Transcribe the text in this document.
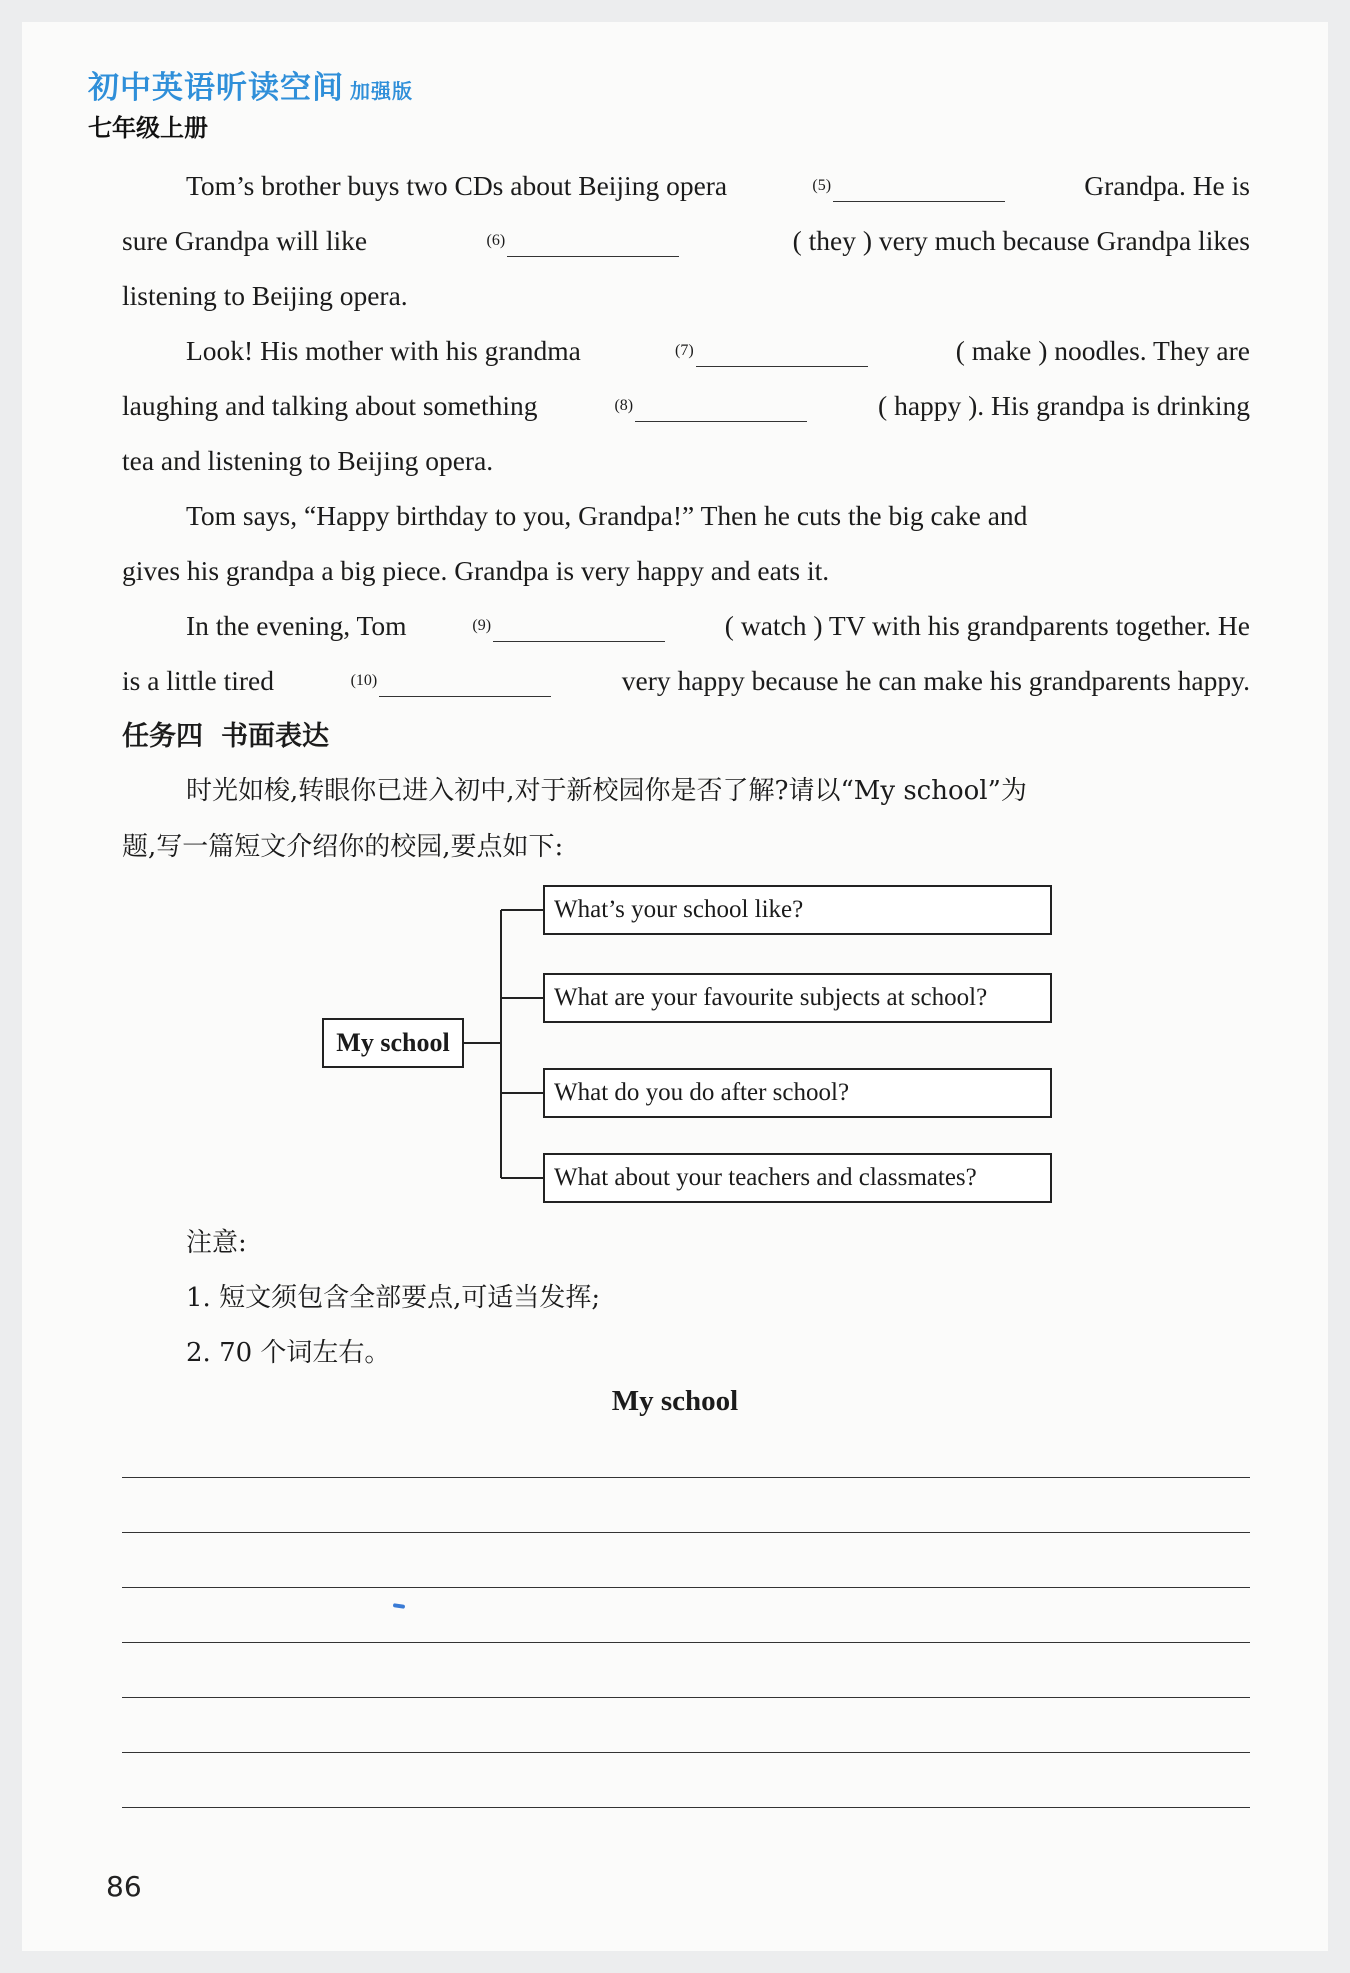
初中英语听读空间 加强版
七年级上册
Tom’s brother buys two CDs about Beijing opera	$^{(5)}$	Grandpa. He is
sure Grandpa will like	$^{(6)}$	( they ) very much because Grandpa likes
listening to Beijing opera.
Look! His mother with his grandma	$^{(7)}$	( make ) noodles. They are
laughing and talking about something	$^{(8)}$	( happy ). His grandpa is drinking
tea and listening to Beijing opera.
Tom says, “Happy birthday to you, Grandpa!” Then he cuts the big cake and
gives his grandpa a big piece. Grandpa is very happy and eats it.
In the evening, Tom	$^{(9)}$	( watch ) TV with his grandparents together. He
is a little tired	$^{(10)}$	very happy because he can make his grandparents happy.
任务四 书面表达
时光如梭,转眼你已进入初中,对于新校园你是否了解?请以“My school”为
题,写一篇短文介绍你的校园,要点如下:
My school
What’s your school like?
What are your favourite subjects at school?
What do you do after school?
What about your teachers and classmates?
注意:
1. 短文须包含全部要点,可适当发挥;
2. 70 个词左右。
My school
86
